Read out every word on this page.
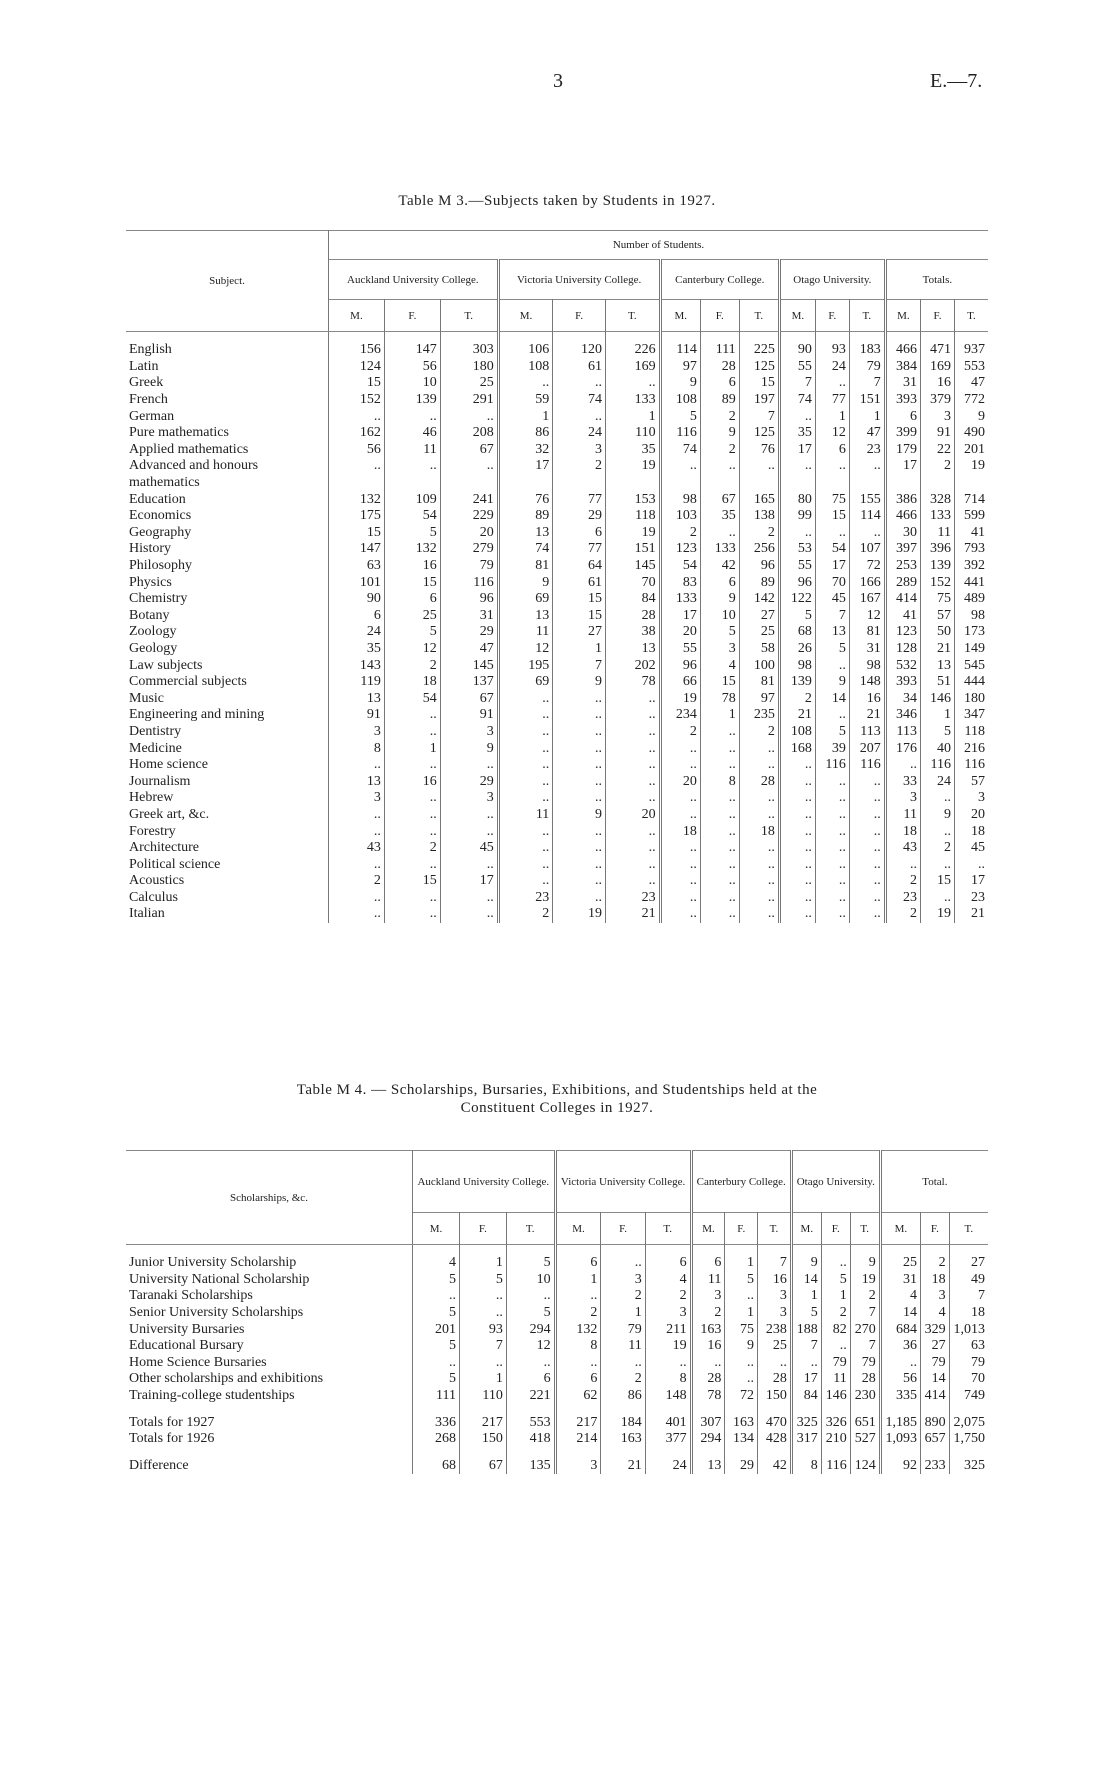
3	E.—7.
Table M 3.—Subjects taken by Students in 1927.
Subject.	Number of Students.														
	Auckland University College.			Victoria University College.			Canterbury College.			Otago University.			Totals.		
	M.	F.	T.	M.	F.	T.	M.	F.	T.	M.	F.	T.	M.	F.	T.

English	156	147	303	106	120	226	114	111	225	90	93	183	466	471	937
Latin	124	56	180	108	61	169	97	28	125	55	24	79	384	169	553
Greek	15	10	25	..	..	..	9	6	15	7	..	7	31	16	47
French	152	139	291	59	74	133	108	89	197	74	77	151	393	379	772
German	..	..	..	1	..	1	5	2	7	..	1	1	6	3	9
Pure mathematics	162	46	208	86	24	110	116	9	125	35	12	47	399	91	490
Applied mathematics	56	11	67	32	3	35	74	2	76	17	6	23	179	22	201
Advanced and honours	..	..	..	17	2	19	..	..	..	..	..	..	17	2	19
mathematics															
Education	132	109	241	76	77	153	98	67	165	80	75	155	386	328	714
Economics	175	54	229	89	29	118	103	35	138	99	15	114	466	133	599
Geography	15	5	20	13	6	19	2	..	2	..	..	..	30	11	41
History	147	132	279	74	77	151	123	133	256	53	54	107	397	396	793
Philosophy	63	16	79	81	64	145	54	42	96	55	17	72	253	139	392
Physics	101	15	116	9	61	70	83	6	89	96	70	166	289	152	441
Chemistry	90	6	96	69	15	84	133	9	142	122	45	167	414	75	489
Botany	6	25	31	13	15	28	17	10	27	5	7	12	41	57	98
Zoology	24	5	29	11	27	38	20	5	25	68	13	81	123	50	173
Geology	35	12	47	12	1	13	55	3	58	26	5	31	128	21	149
Law subjects	143	2	145	195	7	202	96	4	100	98	..	98	532	13	545
Commercial subjects	119	18	137	69	9	78	66	15	81	139	9	148	393	51	444
Music	13	54	67	..	..	..	19	78	97	2	14	16	34	146	180
Engineering and mining	91	..	91	..	..	..	234	1	235	21	..	21	346	1	347
Dentistry	3	..	3	..	..	..	2	..	2	108	5	113	113	5	118
Medicine	8	1	9	..	..	..	..	..	..	168	39	207	176	40	216
Home science	..	..	..	..	..	..	..	..	..	..	116	116	..	116	116
Journalism	13	16	29	..	..	..	20	8	28	..	..	..	33	24	57
Hebrew	3	..	3	..	..	..	..	..	..	..	..	..	3	..	3
Greek art, &c.	..	..	..	11	9	20	..	..	..	..	..	..	11	9	20
Forestry	..	..	..	..	..	..	18	..	18	..	..	..	18	..	18
Architecture	43	2	45	..	..	..	..	..	..	..	..	..	43	2	45
Political science	..	..	..	..	..	..	..	..	..	..	..	..	..	..	..
Acoustics	2	15	17	..	..	..	..	..	..	..	..	..	2	15	17
Calculus	..	..	..	23	..	23	..	..	..	..	..	..	23	..	23
Italian	..	..	..	2	19	21	..	..	..	..	..	..	2	19	21
Table M 4. — Scholarships, Bursaries, Exhibitions, and Studentships held at the
Constituent Colleges in 1927.
Scholarships, &c.	Auckland University College.			Victoria University College.			Canterbury College.			Otago University.			Total.		
	M.	F.	T.	M.	F.	T.	M.	F.	T.	M.	F.	T.	M.	F.	T.

Junior University Scholarship	4	1	5	6	..	6	6	1	7	9	..	9	25	2	27
University National Scholarship	5	5	10	1	3	4	11	5	16	14	5	19	31	18	49
Taranaki Scholarships	..	..	..	..	2	2	3	..	3	1	1	2	4	3	7
Senior University Scholarships	5	..	5	2	1	3	2	1	3	5	2	7	14	4	18
University Bursaries	201	93	294	132	79	211	163	75	238	188	82	270	684	329	1,013
Educational Bursary	5	7	12	8	11	19	16	9	25	7	..	7	36	27	63
Home Science Bursaries	..	..	..	..	..	..	..	..	..	..	79	79	..	79	79
Other scholarships and exhibitions	5	1	6	6	2	8	28	..	28	17	11	28	56	14	70
Training-college studentships	111	110	221	62	86	148	78	72	150	84	146	230	335	414	749

Totals for 1927	336	217	553	217	184	401	307	163	470	325	326	651	1,185	890	2,075
Totals for 1926	268	150	418	214	163	377	294	134	428	317	210	527	1,093	657	1,750

Difference	68	67	135	3	21	24	13	29	42	8	116	124	92	233	325
